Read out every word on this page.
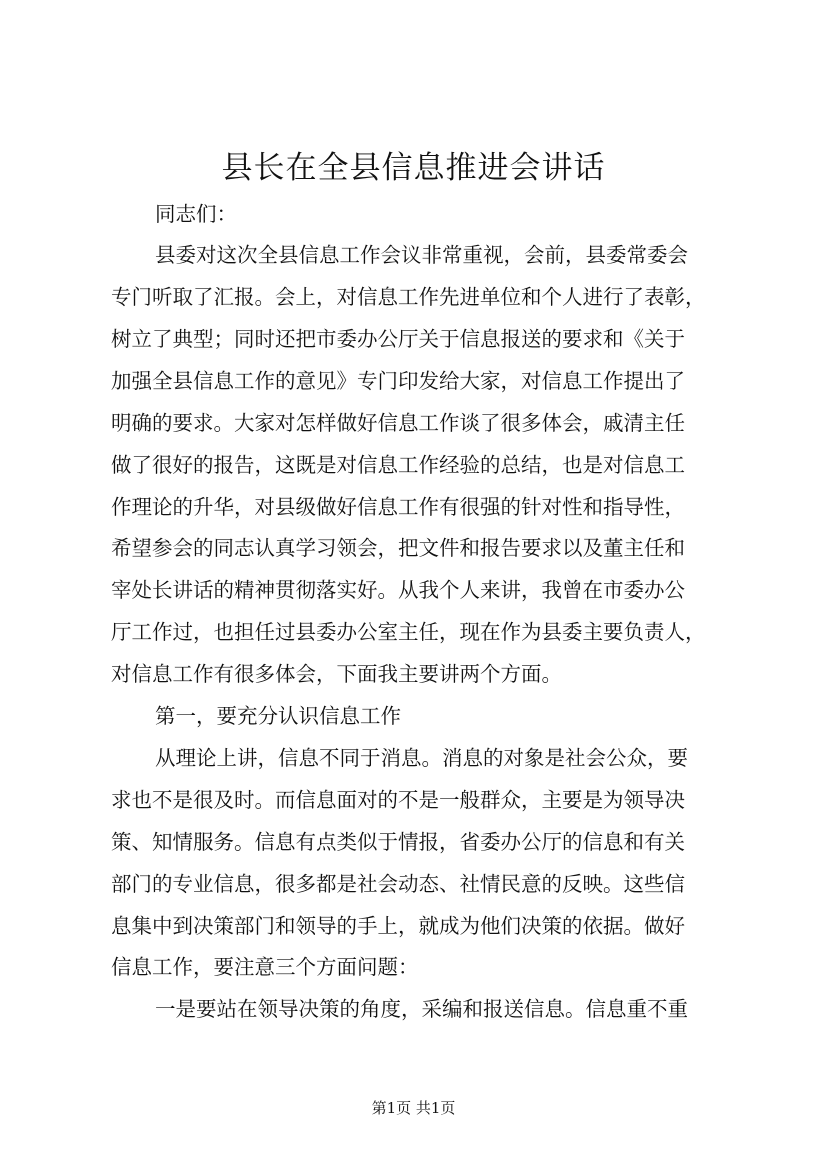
县长在全县信息推进会讲话
同志们：
县委对这次全县信息工作会议非常重视，会前，县委常委会
专门听取了汇报。会上，对信息工作先进单位和个人进行了表彰，
树立了典型；同时还把市委办公厅关于信息报送的要求和《关于
加强全县信息工作的意见》专门印发给大家，对信息工作提出了
明确的要求。大家对怎样做好信息工作谈了很多体会，戚清主任
做了很好的报告，这既是对信息工作经验的总结，也是对信息工
作理论的升华，对县级做好信息工作有很强的针对性和指导性，
希望参会的同志认真学习领会，把文件和报告要求以及董主任和
宰处长讲话的精神贯彻落实好。从我个人来讲，我曾在市委办公
厅工作过，也担任过县委办公室主任，现在作为县委主要负责人，
对信息工作有很多体会，下面我主要讲两个方面。
第一，要充分认识信息工作
从理论上讲，信息不同于消息。消息的对象是社会公众，要
求也不是很及时。而信息面对的不是一般群众，主要是为领导决
策、知情服务。信息有点类似于情报，省委办公厅的信息和有关
部门的专业信息，很多都是社会动态、社情民意的反映。这些信
息集中到决策部门和领导的手上，就成为他们决策的依据。做好
信息工作，要注意三个方面问题：
一是要站在领导决策的角度，采编和报送信息。信息重不重
第1页 共1页
